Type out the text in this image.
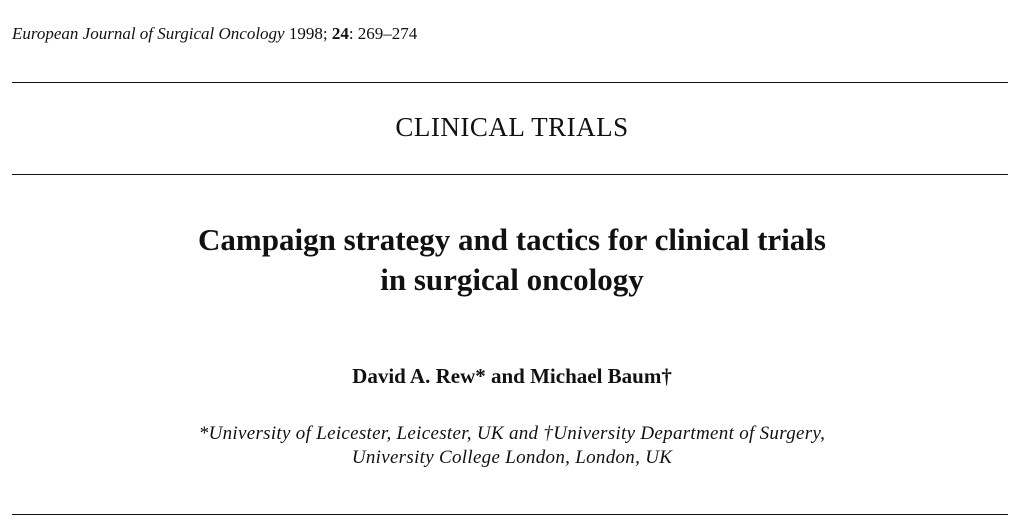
European Journal of Surgical Oncology 1998; 24: 269–274
CLINICAL TRIALS
Campaign strategy and tactics for clinical trials
in surgical oncology
David A. Rew* and Michael Baum†
*University of Leicester, Leicester, UK and †University Department of Surgery,
University College London, London, UK
